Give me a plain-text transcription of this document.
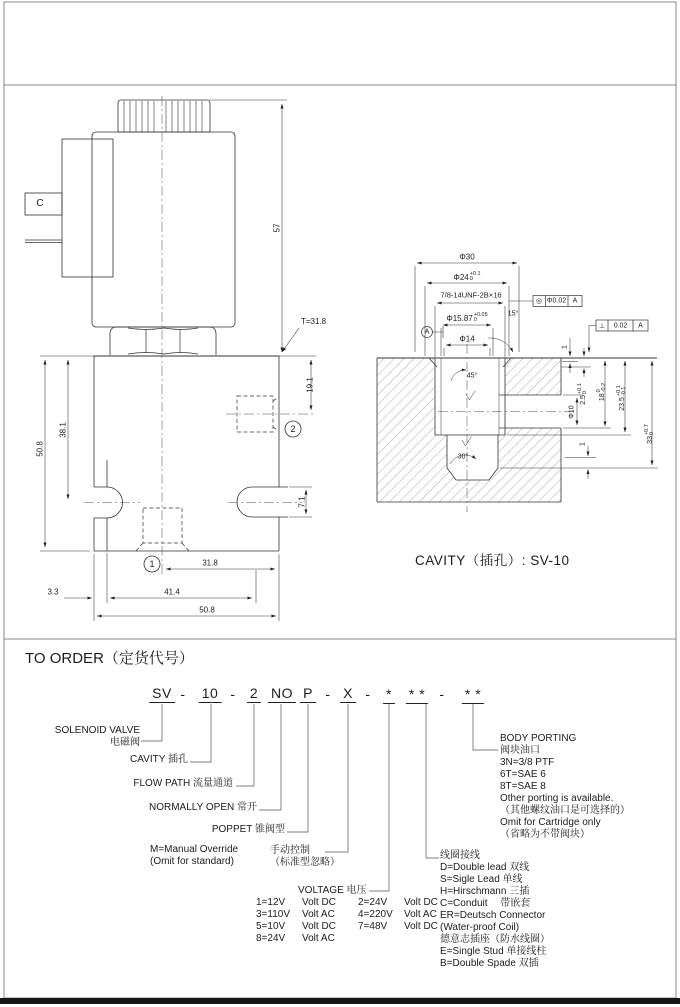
C
57
T=31.8
50.8
38.1
19.1
7.1
31.8
41.4
3.3
50.8
1
2
Φ30
Φ24 +0.1
0
7/8-14UNF-2B×16
Φ15.87 +0.05
0
Φ14
15°
45°
30°
A
◎ Φ0.02 A
⊥ 0.02 A
1
2.5
+0.1 0
Φ10
18
0 -0.2
23.5
+0.1 -0.1
33
+0.7 0
1
CAVITY（插孔）: SV-10
TO ORDER（定货代号）
SV - 10 - 2 NO P - X - * * * - * *
SOLENOID VALVE
电磁阀
CAVITY 插孔
FLOW PATH 流量通道
NORMALLY OPEN 常开
POPPET 锥阀型
M=Manual Override
(Omit for standard)
手动控制
（标准型忽略）
VOLTAGE 电压
1=12V	Volt DC	2=24V	Volt DC
3=110V	Volt AC	4=220V	Volt AC
5=10V	Volt DC	7=48V	Volt DC
8=24V	Volt AC
线圈接线
D=Double lead 双线
S=Sigle Lead 单线
H=Hirschmann 三插
C=Conduit　 带嵌套
ER=Deutsch Connector
(Water-proof Coil)
德意志插座（防水线圈）
E=Single Stud 单接线柱
B=Double Spade 双插
BODY PORTING
阀块油口
3N=3/8 PTF
6T=SAE 6
8T=SAE 8
Other porting is available.
（其他螺纹油口是可选择的）
Omit for Cartridge only
（省略为不带阀块）
